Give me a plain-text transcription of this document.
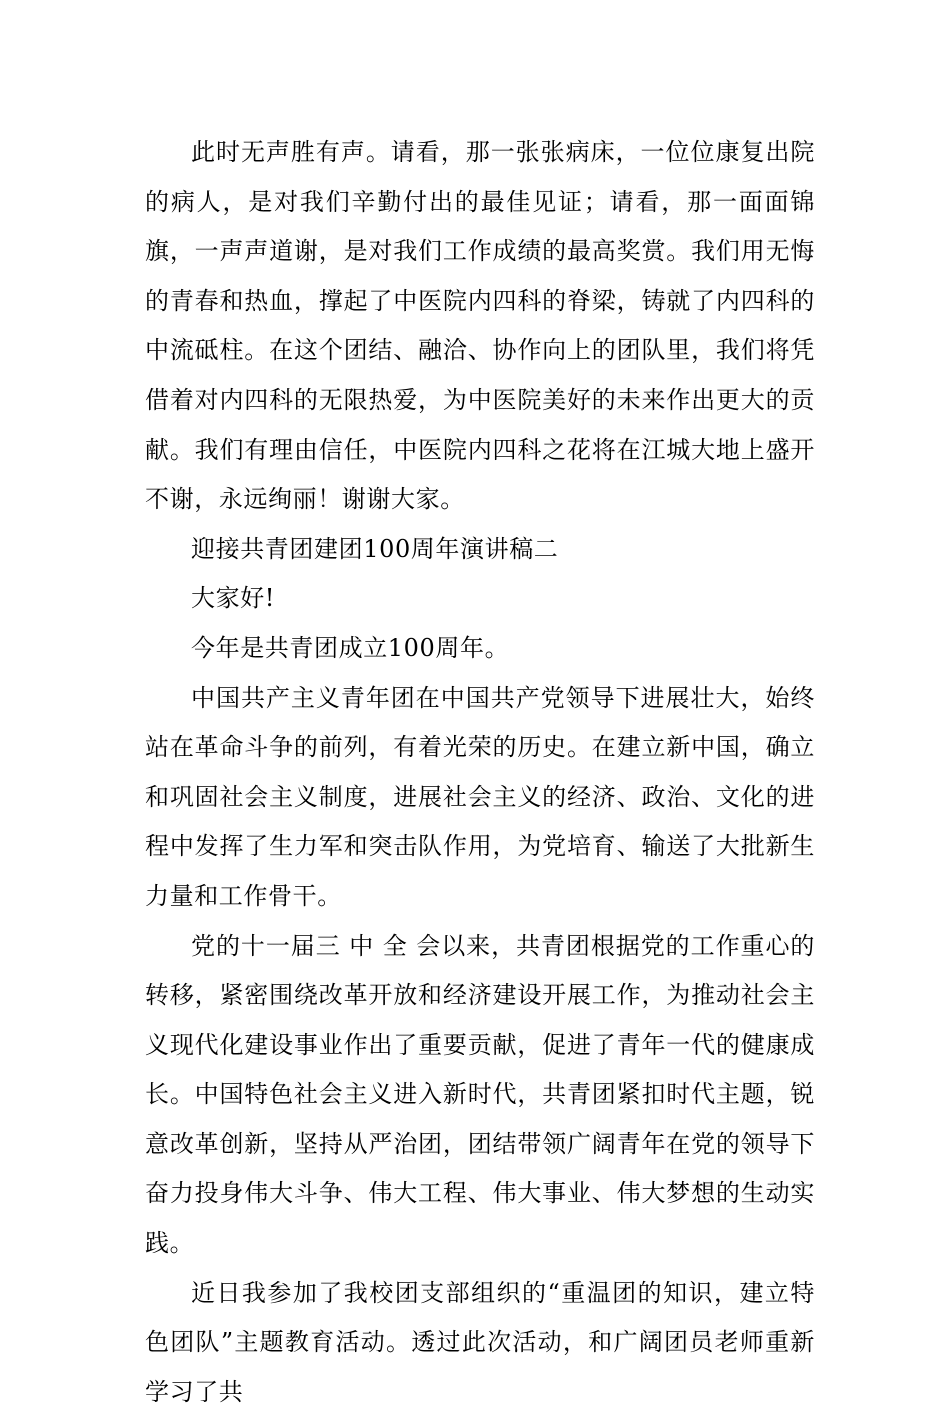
此时无声胜有声。请看，那一张张病床，一位位康复出院的病人，是对我们辛勤付出的最佳见证；请看，那一面面锦旗，一声声道谢，是对我们工作成绩的最高奖赏。我们用无悔的青春和热血，撑起了中医院内四科的脊梁，铸就了内四科的中流砥柱。在这个团结、融洽、协作向上的团队里，我们将凭借着对内四科的无限热爱，为中医院美好的未来作出更大的贡献。我们有理由信任，中医院内四科之花将在江城大地上盛开不谢，永远绚丽！谢谢大家。

迎接共青团建团100周年演讲稿二

大家好!

今年是共青团成立100周年。

中国共产主义青年团在中国共产党领导下进展壮大，始终站在革命斗争的前列，有着光荣的历史。在建立新中国，确立和巩固社会主义制度，进展社会主义的经济、政治、文化的进程中发挥了生力军和突击队作用，为党培育、输送了大批新生力量和工作骨干。

党的十一届三 中 全 会以来，共青团根据党的工作重心的转移，紧密围绕改革开放和经济建设开展工作，为推动社会主义现代化建设事业作出了重要贡献，促进了青年一代的健康成长。中国特色社会主义进入新时代，共青团紧扣时代主题，锐意改革创新，坚持从严治团，团结带领广阔青年在党的领导下奋力投身伟大斗争、伟大工程、伟大事业、伟大梦想的生动实践。

近日我参加了我校团支部组织的“重温团的知识，建立特色团队”主题教育活动。透过此次活动，和广阔团员老师重新学习了共
